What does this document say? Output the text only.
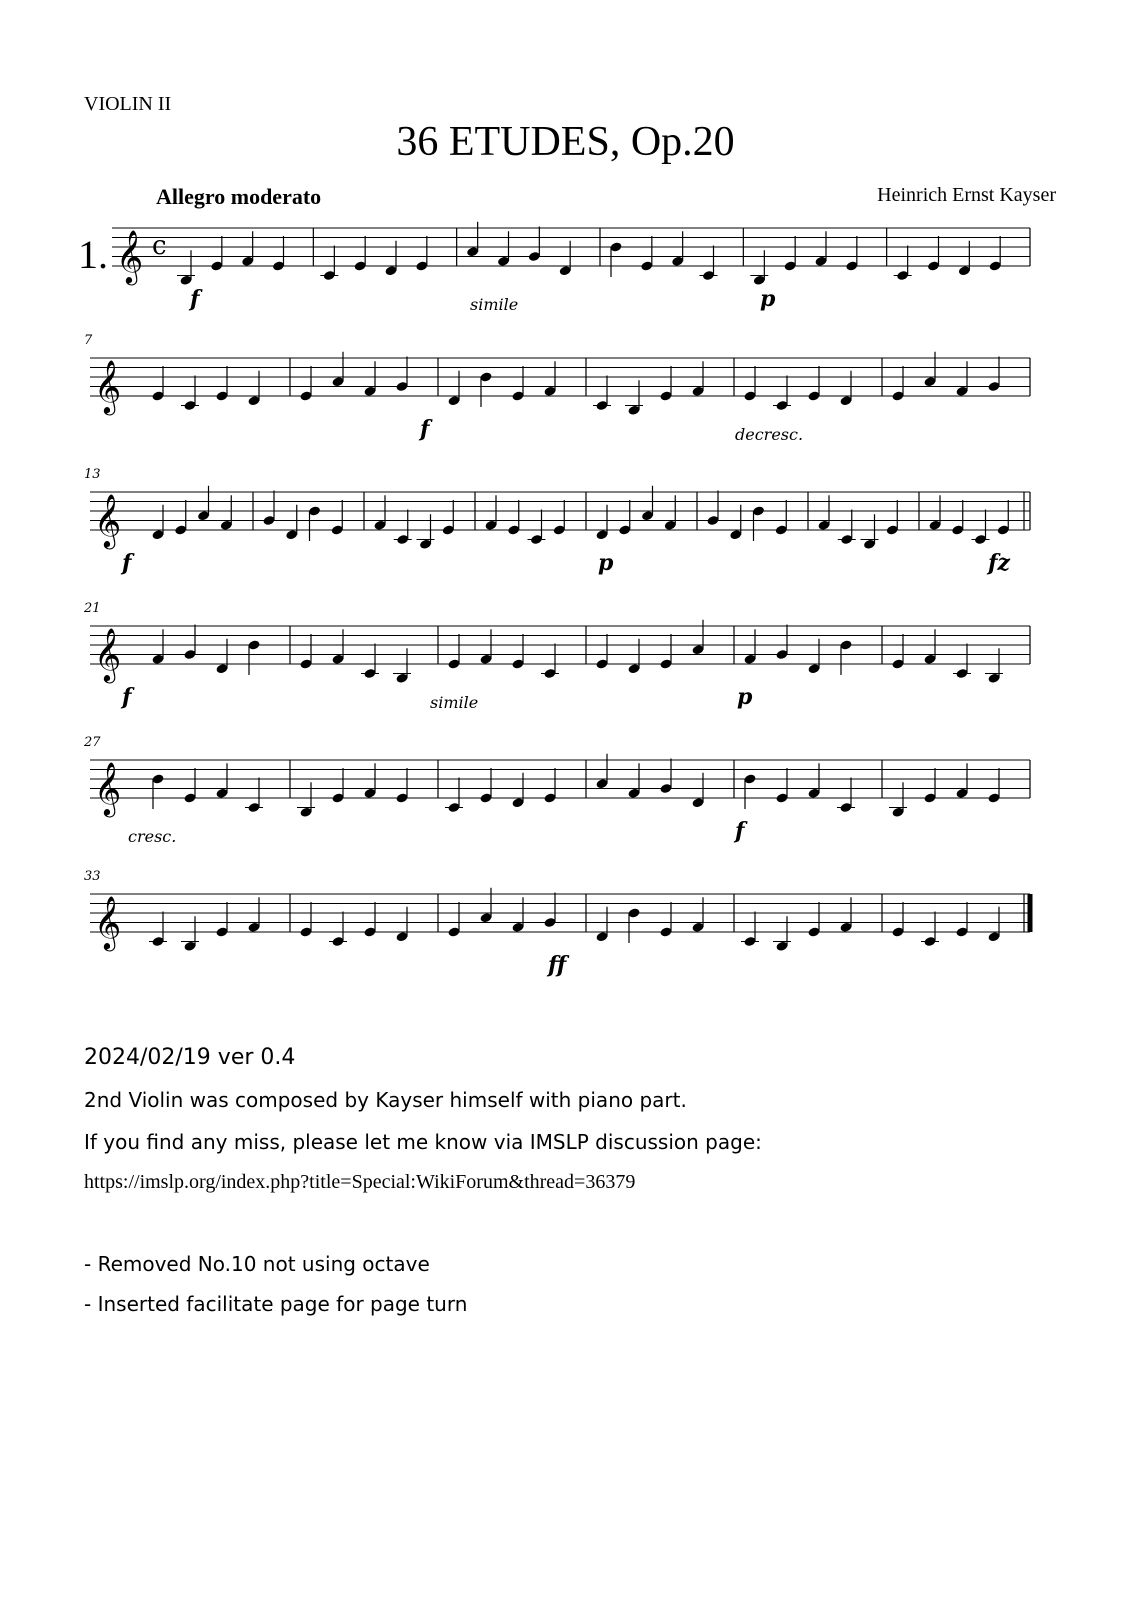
VIOLIN II
36 ETUDES, Op.20
Allegro moderato	Heinrich Ernst Kayser
𝄞 c
1.
f	simile	p
𝄞
7
f	decresc.
𝄞
13
f	p	fz
𝄞
21
f	simile	p
𝄞
27
cresc.	f
𝄞
33
ff
2024/02/19 ver 0.4
2nd Violin was composed by Kayser himself with piano part.
If you find any miss, please let me know via IMSLP discussion page:
https://imslp.org/index.php?title=Special:WikiForum&thread=36379
- Removed No.10 not using octave
- Inserted facilitate page for page turn
